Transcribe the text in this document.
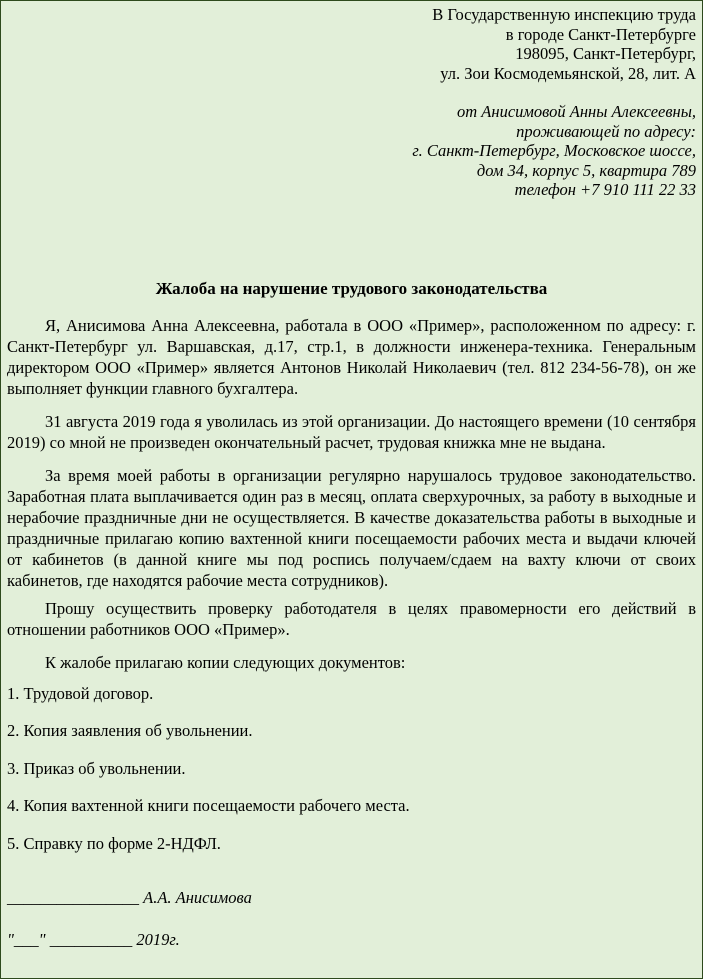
В Государственную инспекцию труда
в городе Санкт-Петербурге
198095, Санкт-Петербург,
ул. Зои Космодемьянской, 28, лит. А
от Анисимовой Анны Алексеевны,
проживающей по адресу:
г. Санкт-Петербург, Московское шоссе,
дом 34, корпус 5, квартира 789
телефон +7 910 111 22 33
Жалоба на нарушение трудового законодательства

Я, Анисимова Анна Алексеевна, работала в ООО «Пример», расположенном по адресу: г. Санкт-Петербург ул. Варшавская, д.17, стр.1, в должности инженера-техника. Генеральным директором ООО «Пример» является Антонов Николай Николаевич (тел. 812 234-56-78), он же выполняет функции главного бухгалтера.

31 августа 2019 года я уволилась из этой организации. До настоящего времени (10 сентября 2019) со мной не произведен окончательный расчет, трудовая книжка мне не выдана.

За время моей работы в организации регулярно нарушалось трудовое законодательство. Заработная плата выплачивается один раз в месяц, оплата сверхурочных, за работу в выходные и нерабочие праздничные дни не осуществляется. В качестве доказательства работы в выходные и праздничные прилагаю копию вахтенной книги посещаемости рабочих места и выдачи ключей от кабинетов (в данной книге мы под роспись получаем/сдаем на вахту ключи от своих кабинетов, где находятся рабочие места сотрудников).

Прошу осуществить проверку работодателя в целях правомерности его действий в отношении работников ООО «Пример».

К жалобе прилагаю копии следующих документов:

1. Трудовой договор.
2. Копия заявления об увольнении.
3. Приказ об увольнении.
4. Копия вахтенной книги посещаемости рабочего места.
5. Справку по форме 2-НДФЛ.
________________ А.А. Анисимова
"___" __________ 2019г.
